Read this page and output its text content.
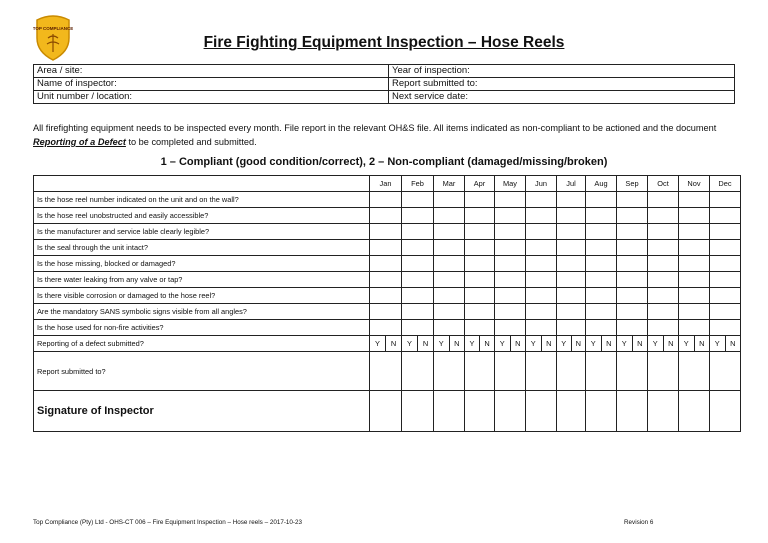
TOP COMPLIANCE
Fire Fighting Equipment Inspection – Hose Reels
Area / site:	Year of inspection:
Name of inspector:	Report submitted to:
Unit number / location:	Next service date:
All firefighting equipment needs to be inspected every month. File report in the relevant OH&S file. All items indicated as non-compliant to be actioned and the document Reporting of a Defect to be completed and submitted.
1 – Compliant (good condition/correct), 2 – Non-compliant (damaged/missing/broken)
	Jan	Feb	Mar	Apr	May	Jun	Jul	Aug	Sep	Oct	Nov	Dec
Is the hose reel number indicated on the unit and on the wall?												
Is the hose reel unobstructed and easily accessible?												
Is the manufacturer and service lable clearly legible?												
Is the seal through the unit intact?												
Is the hose missing, blocked or damaged?												
Is there water leaking from any valve or tap?												
Is there visible corrosion or damaged to the hose reel?												
Are the mandatory SANS symbolic signs visible from all angles?												
Is the hose used for non-fire activities?												
Reporting of a defect submitted?	Y N	Y N	Y N	Y N	Y N	Y N	Y N	Y N	Y N	Y N	Y N	Y N

Report submitted to?												
Signature of Inspector												
Top Compliance (Pty) Ltd - OHS-CT 006 – Fire Equipment Inspection – Hose reels – 2017-10-23	Revision 6
